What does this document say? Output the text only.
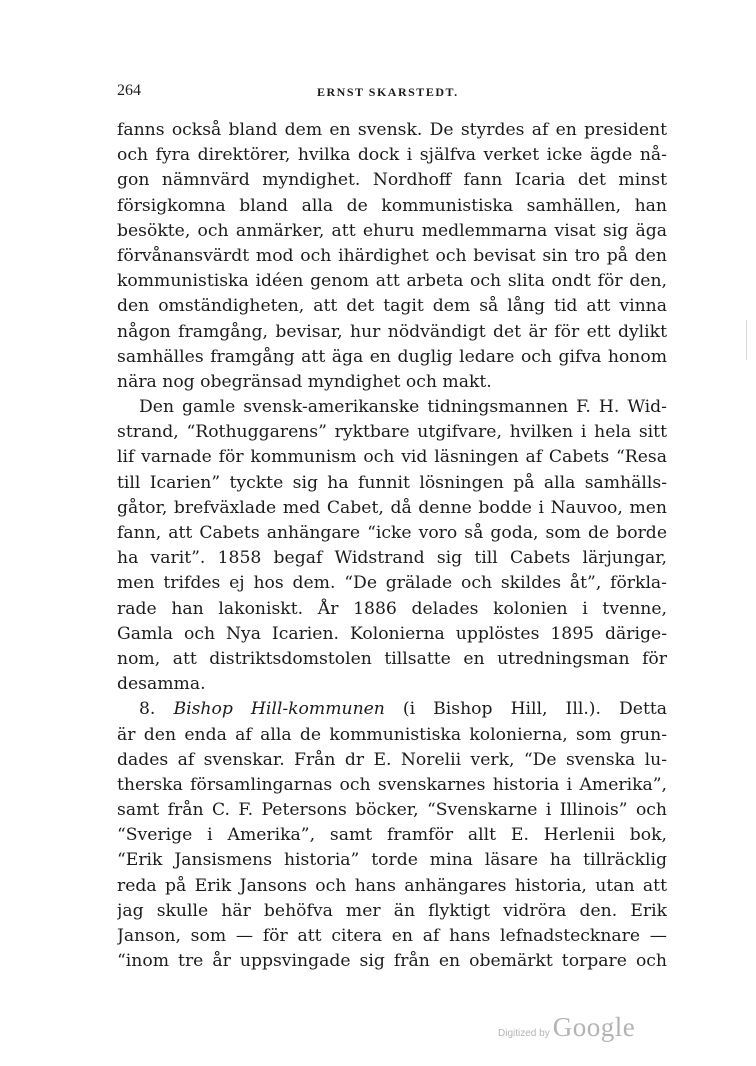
264	ERNST SKARSTEDT.
fanns också bland dem en svensk. De styrdes af en president
och fyra direktörer, hvilka dock i själfva verket icke ägde nå-
gon nämnvärd myndighet. Nordhoff fann Icaria det minst
försigkomna bland alla de kommunistiska samhällen, han
besökte, och anmärker, att ehuru medlemmarna visat sig äga
förvånansvärdt mod och ihärdighet och bevisat sin tro på den
kommunistiska idéen genom att arbeta och slita ondt för den,
den omständigheten, att det tagit dem så lång tid att vinna
någon framgång, bevisar, hur nödvändigt det är för ett dylikt
samhälles framgång att äga en duglig ledare och gifva honom
nära nog obegränsad myndighet och makt.
Den gamle svensk-amerikanske tidningsmannen F. H. Wid-
strand, “Rothuggarens” ryktbare utgifvare, hvilken i hela sitt
lif varnade för kommunism och vid läsningen af Cabets “Resa
till Icarien” tyckte sig ha funnit lösningen på alla samhälls-
gåtor, brefväxlade med Cabet, då denne bodde i Nauvoo, men
fann, att Cabets anhängare “icke voro så goda, som de borde
ha varit”. 1858 begaf Widstrand sig till Cabets lärjungar,
men trifdes ej hos dem. “De grälade och skildes åt”, förkla-
rade han lakoniskt. År 1886 delades kolonien i tvenne,
Gamla och Nya Icarien. Kolonierna upplöstes 1895 därige-
nom, att distriktsdomstolen tillsatte en utredningsman för
desamma.
8. Bishop Hill-kommunen (i Bishop Hill, Ill.). Detta
är den enda af alla de kommunistiska kolonierna, som grun-
dades af svenskar. Från dr E. Norelii verk, “De svenska lu-
therska församlingarnas och svenskarnes historia i Amerika”,
samt från C. F. Petersons böcker, “Svenskarne i Illinois” och
“Sverige i Amerika”, samt framför allt E. Herlenii bok,
“Erik Jansismens historia” torde mina läsare ha tillräcklig
reda på Erik Jansons och hans anhängares historia, utan att
jag skulle här behöfva mer än flyktigt vidröra den. Erik
Janson, som — för att citera en af hans lefnadstecknare —
“inom tre år uppsvingade sig från en obemärkt torpare och
Digitized by Google
